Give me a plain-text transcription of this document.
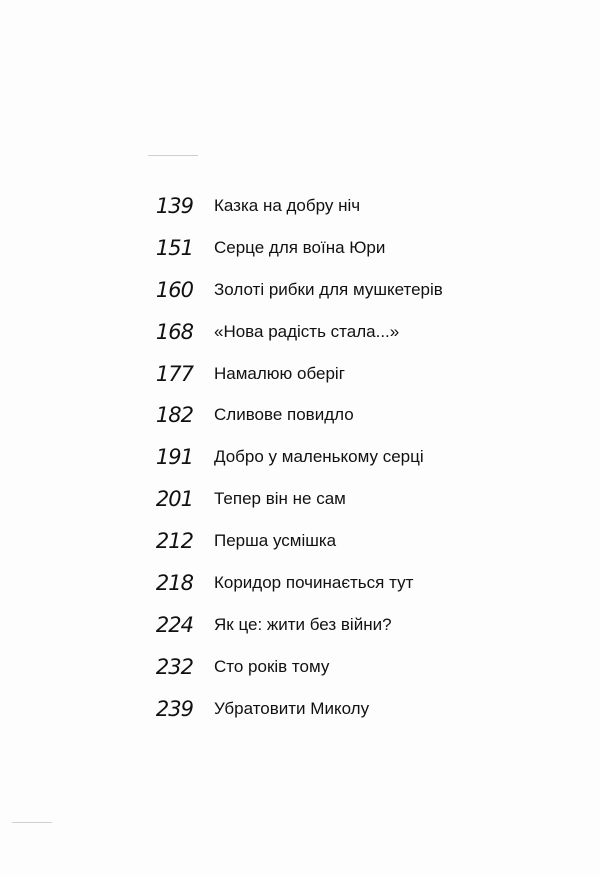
139 Казка на добру ніч
151 Серце для воїна Юри
160 Золоті рибки для мушкетерів
168 «Нова радість стала...»
177 Намалюю оберіг
182 Сливове повидло
191 Добро у маленькому серці
201 Тепер він не сам
212 Перша усмішка
218 Коридор починається тут
224 Як це: жити без війни?
232 Сто років тому
239 Убратовити Миколу
